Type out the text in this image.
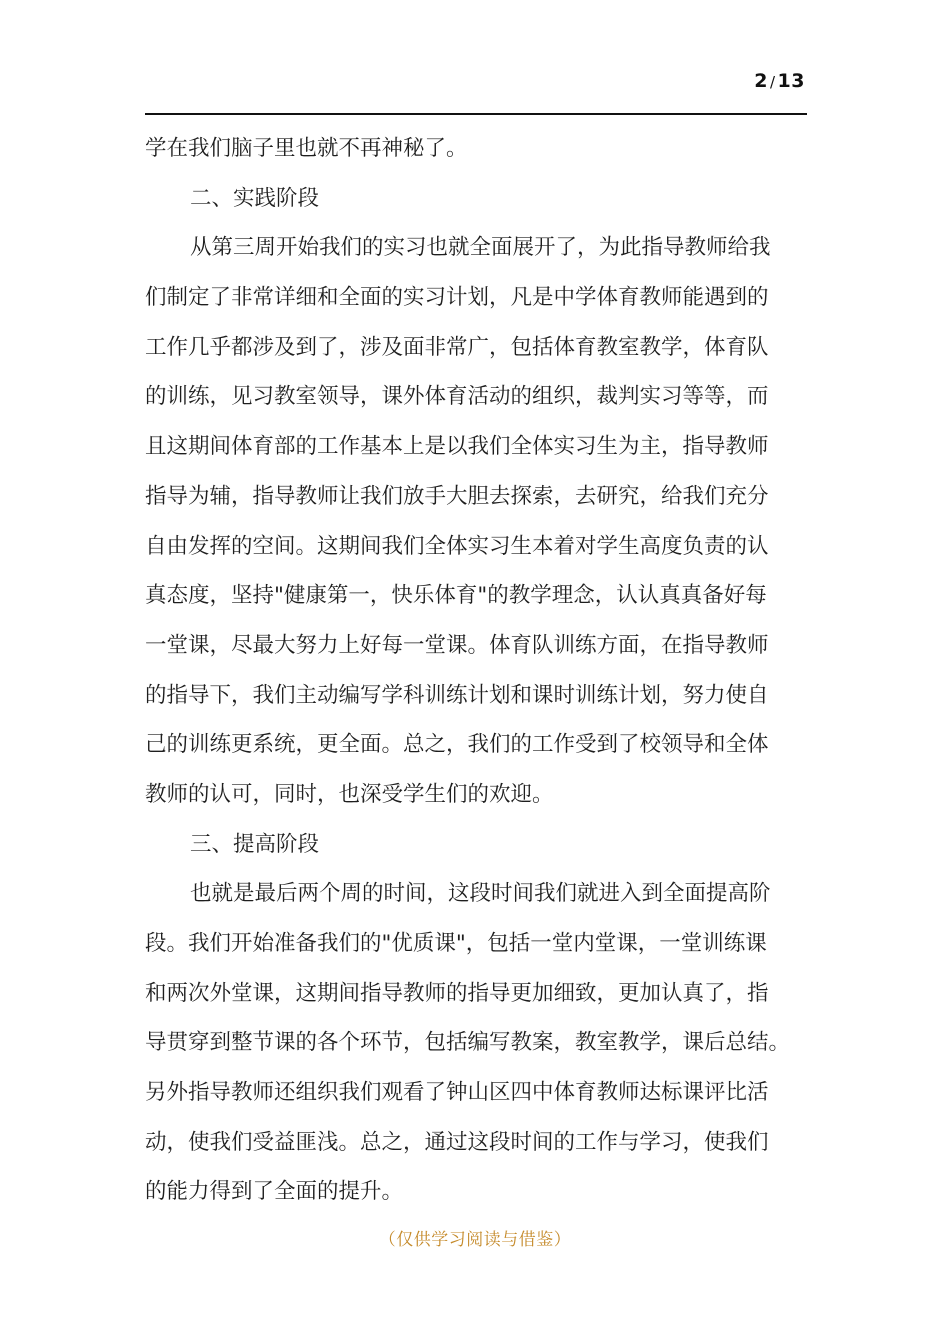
2 / 13
学在我们脑子里也就不再神秘了。
二、实践阶段
从第三周开始我们的实习也就全面展开了，为此指导教师给我
们制定了非常详细和全面的实习计划，凡是中学体育教师能遇到的
工作几乎都涉及到了，涉及面非常广，包括体育教室教学，体育队
的训练，见习教室领导，课外体育活动的组织，裁判实习等等，而
且这期间体育部的工作基本上是以我们全体实习生为主，指导教师
指导为辅，指导教师让我们放手大胆去探索，去研究，给我们充分
自由发挥的空间。这期间我们全体实习生本着对学生高度负责的认
真态度，坚持"健康第一，快乐体育"的教学理念，认认真真备好每
一堂课，尽最大努力上好每一堂课。体育队训练方面，在指导教师
的指导下，我们主动编写学科训练计划和课时训练计划，努力使自
己的训练更系统，更全面。总之，我们的工作受到了校领导和全体
教师的认可，同时，也深受学生们的欢迎。
三、提高阶段
也就是最后两个周的时间，这段时间我们就进入到全面提高阶
段。我们开始准备我们的"优质课"，包括一堂内堂课，一堂训练课
和两次外堂课，这期间指导教师的指导更加细致，更加认真了，指
导贯穿到整节课的各个环节，包括编写教案，教室教学，课后总结。
另外指导教师还组织我们观看了钟山区四中体育教师达标课评比活
动，使我们受益匪浅。总之，通过这段时间的工作与学习，使我们
的能力得到了全面的提升。
（仅供学习阅读与借鉴）
